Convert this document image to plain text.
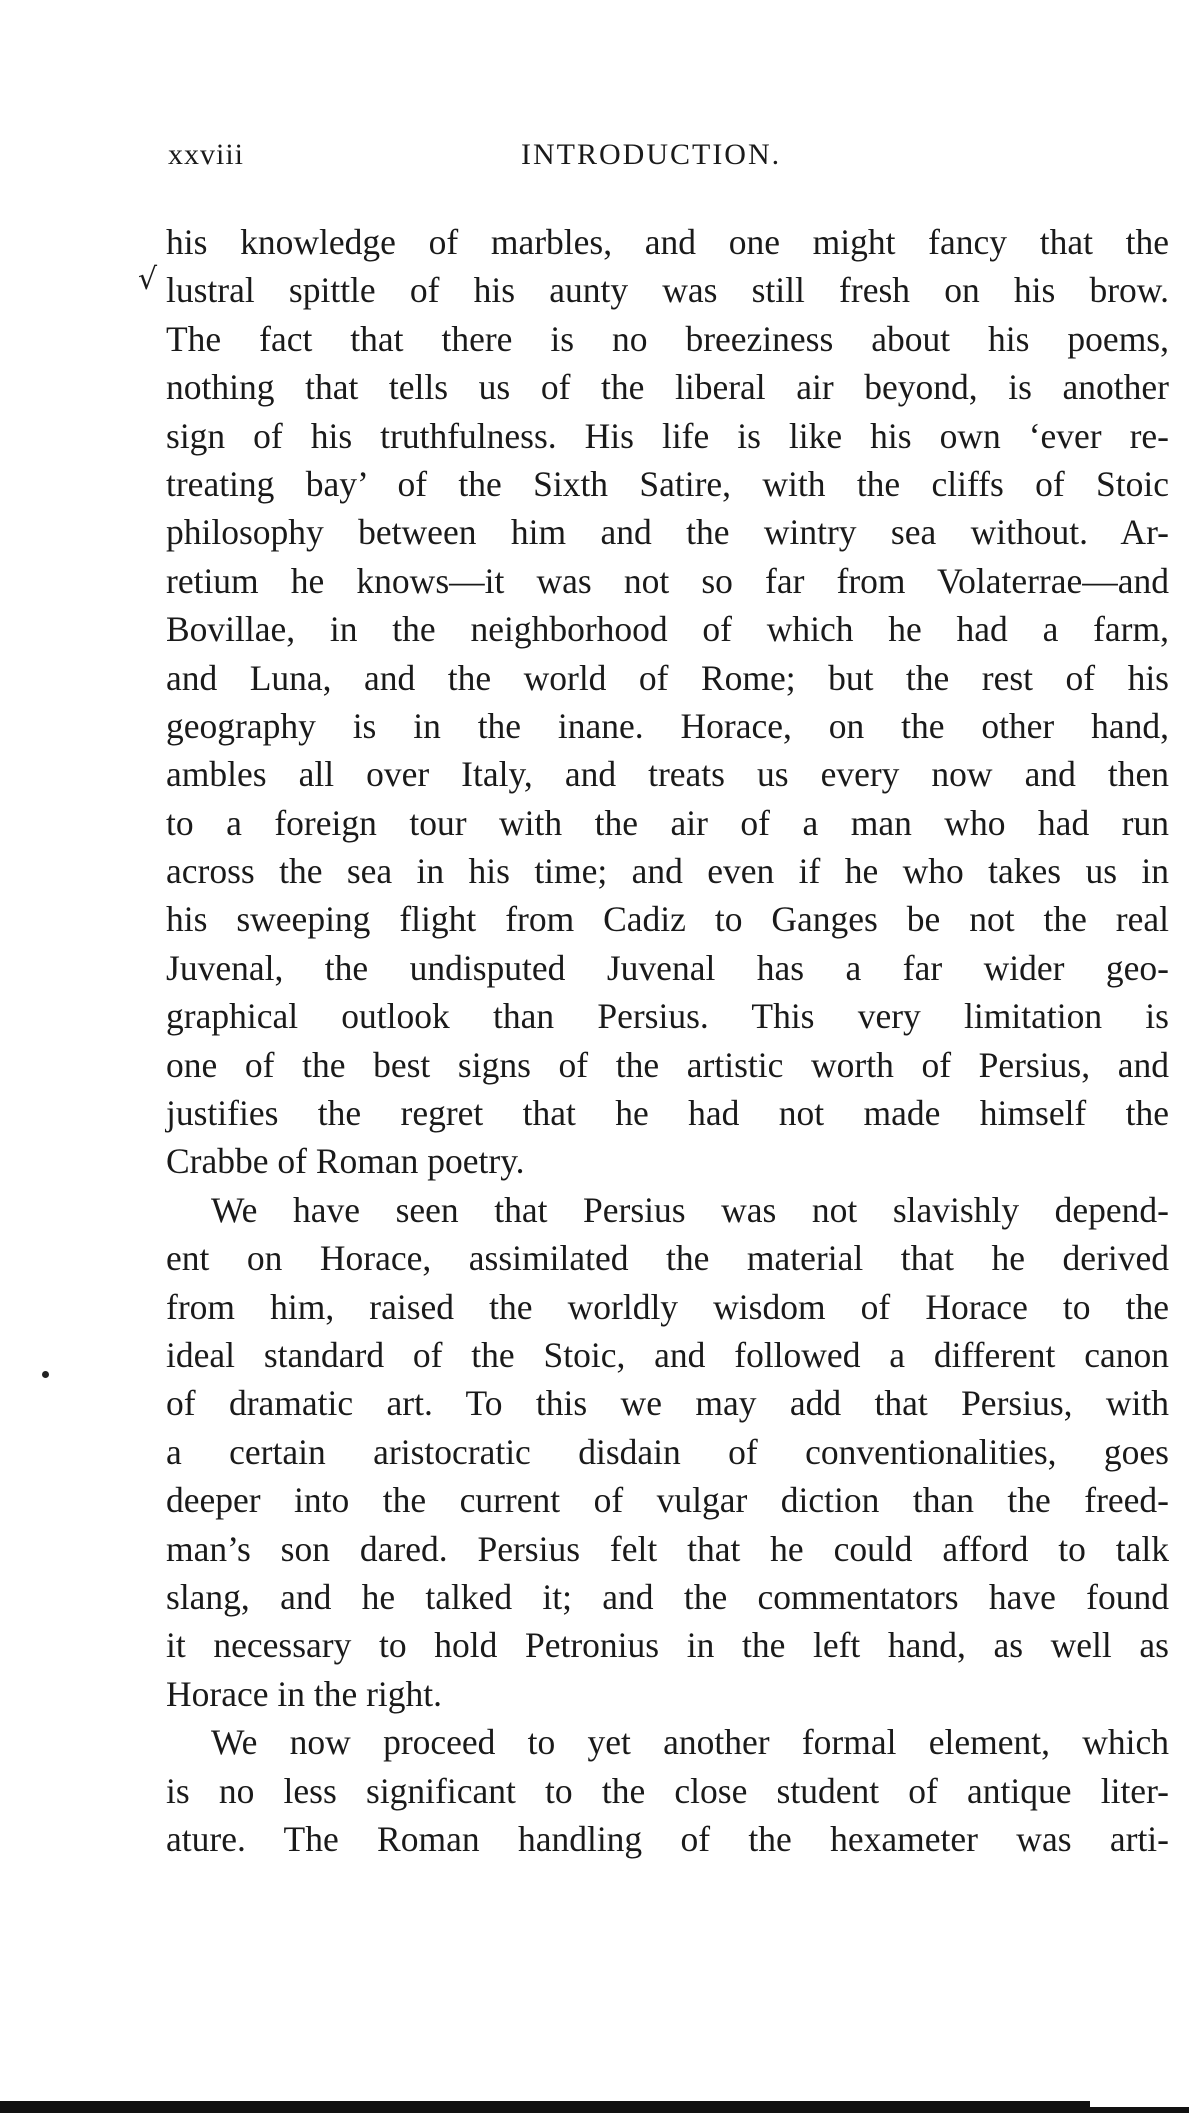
xxviii	INTRODUCTION.
√
his knowledge of marbles, and one might fancy that the
lustral spittle of his aunty was still fresh on his brow.
The fact that there is no breeziness about his poems,
nothing that tells us of the liberal air beyond, is another
sign of his truthfulness. His life is like his own ‘ever re-
treating bay’ of the Sixth Satire, with the cliffs of Stoic
philosophy between him and the wintry sea without. Ar-
retium he knows—it was not so far from Volaterrae—and
Bovillae, in the neighborhood of which he had a farm,
and Luna, and the world of Rome; but the rest of his
geography is in the inane. Horace, on the other hand,
ambles all over Italy, and treats us every now and then
to a foreign tour with the air of a man who had run
across the sea in his time; and even if he who takes us in
his sweeping flight from Cadiz to Ganges be not the real
Juvenal, the undisputed Juvenal has a far wider geo-
graphical outlook than Persius. This very limitation is
one of the best signs of the artistic worth of Persius, and
justifies the regret that he had not made himself the
Crabbe of Roman poetry.
We have seen that Persius was not slavishly depend-
ent on Horace, assimilated the material that he derived
from him, raised the worldly wisdom of Horace to the
ideal standard of the Stoic, and followed a different canon
of dramatic art. To this we may add that Persius, with
a certain aristocratic disdain of conventionalities, goes
deeper into the current of vulgar diction than the freed-
man’s son dared. Persius felt that he could afford to talk
slang, and he talked it; and the commentators have found
it necessary to hold Petronius in the left hand, as well as
Horace in the right.
We now proceed to yet another formal element, which
is no less significant to the close student of antique liter-
ature. The Roman handling of the hexameter was arti-
